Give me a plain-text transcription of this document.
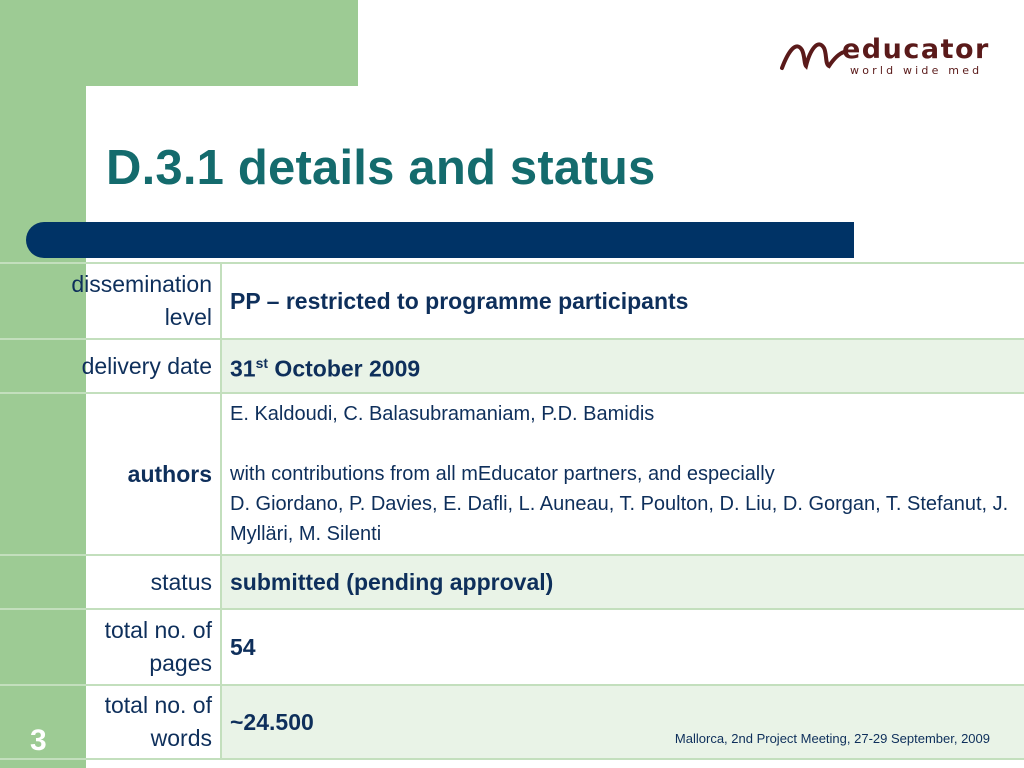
educator
world wide med
D.3.1 details and status
dissemination
level	PP – restricted to programme participants
delivery date	31st October 2009
authors	E. Kaldoudi, C. Balasubramaniam, P.D. Bamidis
with contributions from all mEducator partners, and especially
D. Giordano, P. Davies, E. Dafli, L. Auneau, T. Poulton, D. Liu, D. Gorgan, T. Stefanut, J. Mylläri, M. Silenti

status	submitted (pending approval)

total no. of
pages	54

total no. of
words	~24.500
3	Mallorca, 2nd Project Meeting, 27-29 September, 2009
